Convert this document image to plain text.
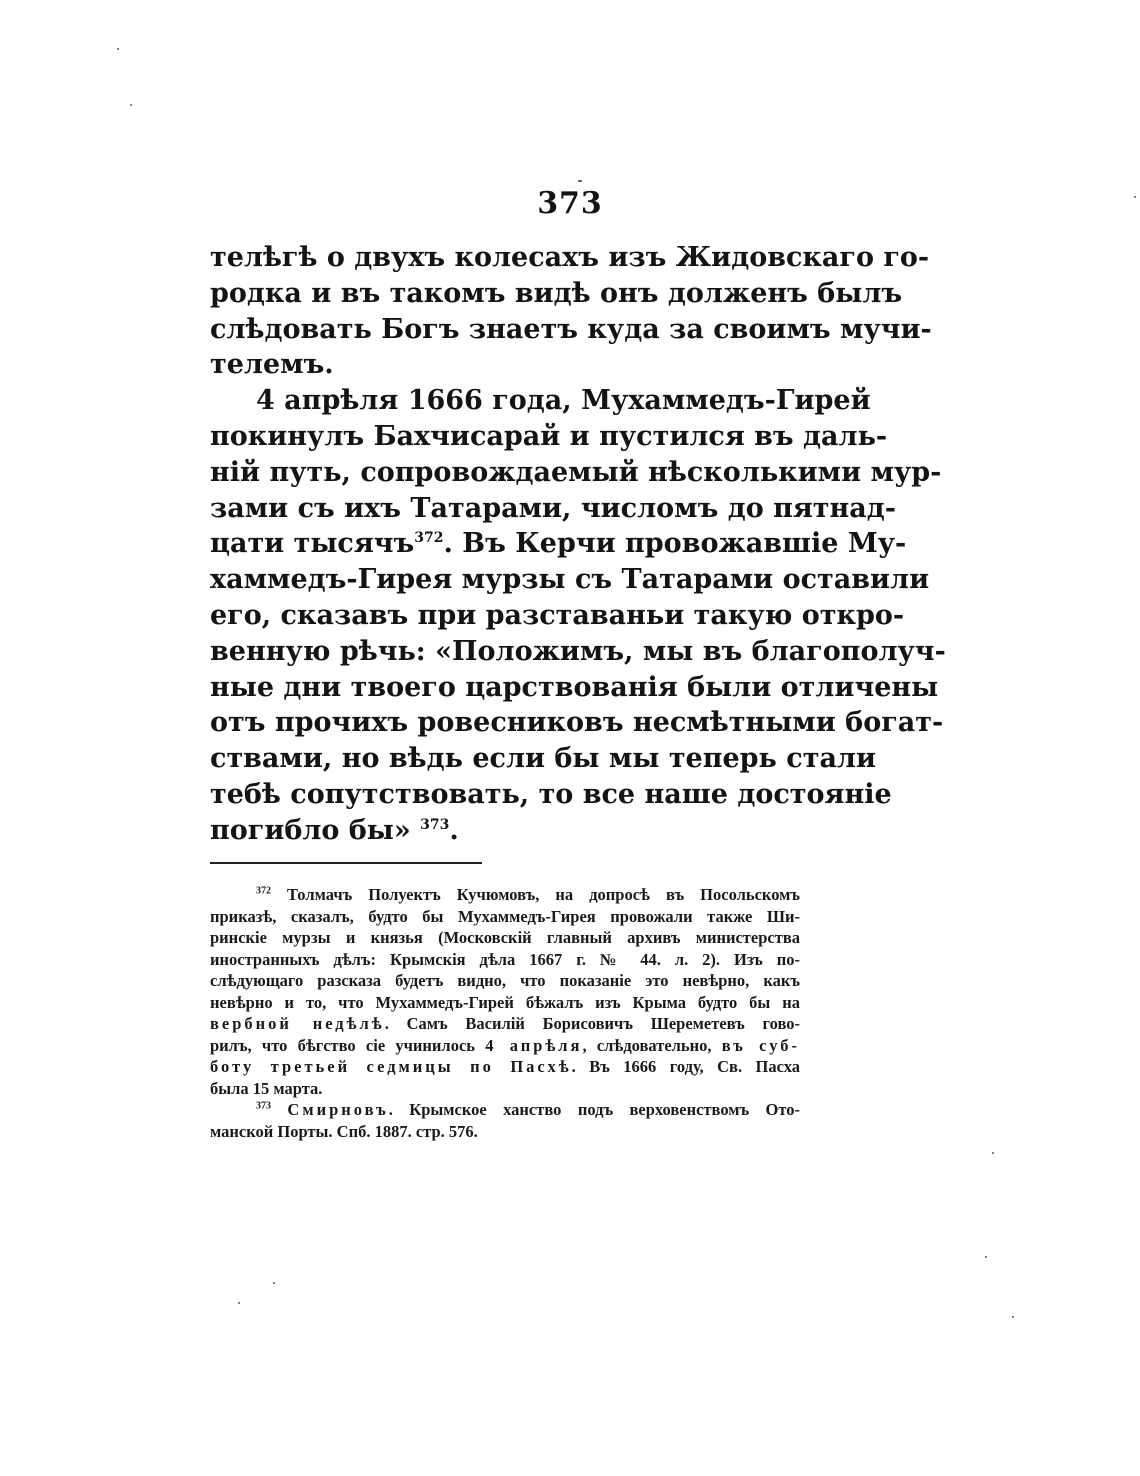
373

телѣгѣ о двухъ колесахъ изъ Жидовскаго го-
родка и въ такомъ видѣ онъ долженъ былъ
слѣдовать Богъ знаетъ куда за своимъ мучи-
телемъ.

4 апрѣля 1666 года, Мухаммедъ-Гирей
покинулъ Бахчисарай и пустился въ даль-
ній путь, сопровождаемый нѣсколькими мур-
зами съ ихъ Татарами, числомъ до пятнад-
цати тысячъ$^{372}$. Въ Керчи провожавшіе Му-
хаммедъ-Гирея мурзы съ Татарами оставили
его, сказавъ при разставаньи такую откро-
венную рѣчь: «Положимъ, мы въ благополуч-
ные дни твоего царствованія были отличены
отъ прочихъ ровесниковъ несмѣтными богат-
ствами, но вѣдь если бы мы теперь стали
тебѣ сопутствовать, то все наше достояніе
погибло бы» $^{373}$.

$^{372}$ Толмачъ Полуектъ Кучюмовъ, на допросѣ въ Посольскомъ
приказѣ, сказалъ, будто бы Мухаммедъ-Гирея провожали также Ши-
ринскіе мурзы и князья (Московскій главный архивъ министерства
иностранныхъ дѣлъ: Крымскія дѣла 1667 г. № 44. л. 2). Изъ по-
слѣдующаго разсказа будетъ видно, что показаніе это невѣрно, какъ
невѣрно и то, что Мухаммедъ-Гирей бѣжалъ изъ Крыма будто бы на
вербной недѣлѣ. Самъ Василій Борисовичъ Шереметевъ гово-
рилъ, что бѣгство сіе учинилось 4 апрѣля, слѣдовательно, въ суб-
боту третьей седмицы по Пасхѣ. Въ 1666 году, Св. Пасха
была 15 марта.
$^{373}$ Смирновъ. Крымское ханство подъ верховенствомъ Ото-
манской Порты. Спб. 1887. стр. 576.
